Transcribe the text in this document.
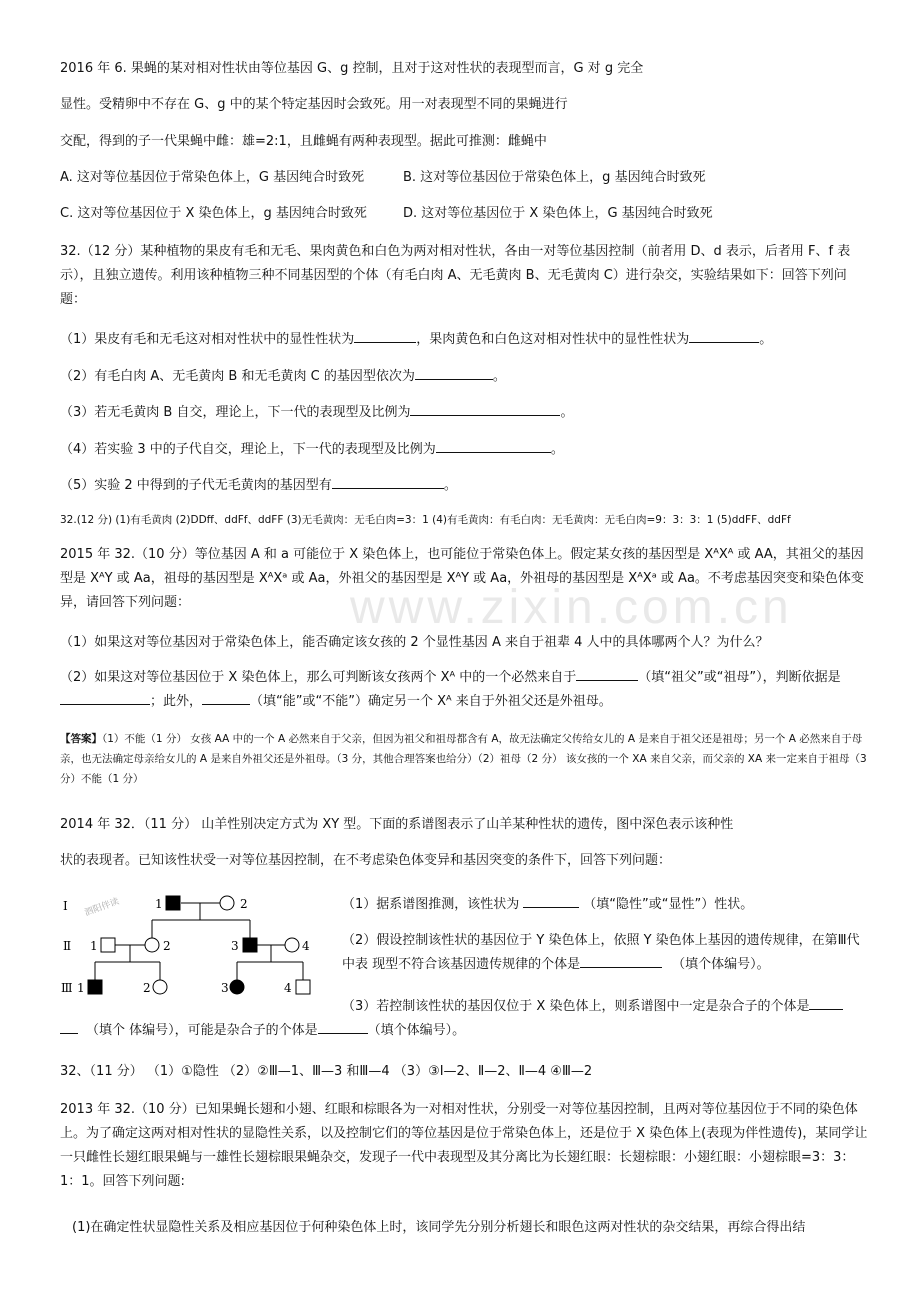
www.zixin.com.cn
2016 年 6. 果蝇的某对相对性状由等位基因 G、g 控制，且对于这对性状的表现型而言，G 对 g 完全
显性。受精卵中不存在 G、g 中的某个特定基因时会致死。用一对表现型不同的果蝇进行
交配，得到的子一代果蝇中雌：雄=2:1，且雌蝇有两种表现型。据此可推测：雌蝇中
A. 这对等位基因位于常染色体上，G 基因纯合时致死	B. 这对等位基因位于常染色体上，g 基因纯合时致死
C. 这对等位基因位于 X 染色体上，g 基因纯合时致死	D. 这对等位基因位于 X 染色体上，G 基因纯合时致死
32.（12 分）某种植物的果皮有毛和无毛、果肉黄色和白色为两对相对性状，各由一对等位基因控制（前者用 D、d 表示，后者用 F、f 表示），且独立遗传。利用该种植物三种不同基因型的个体（有毛白肉 A、无毛黄肉 B、无毛黄肉 C）进行杂交，实验结果如下：回答下列问题：
（1）果皮有毛和无毛这对相对性状中的显性性状为	，果肉黄色和白色这对相对性状中的显性性状为	。
（2）有毛白肉 A、无毛黄肉 B 和无毛黄肉 C 的基因型依次为	。
（3）若无毛黄肉 B 自交，理论上，下一代的表现型及比例为	。
（4）若实验 3 中的子代自交，理论上，下一代的表现型及比例为	。
（5）实验 2 中得到的子代无毛黄肉的基因型有	。
32.(12 分) (1)有毛黄肉 (2)DDff、ddFf、ddFF (3)无毛黄肉：无毛白肉=3：1 (4)有毛黄肉：有毛白肉：无毛黄肉：无毛白肉=9：3：3：1 (5)ddFF、ddFf
2015 年 32.（10 分）等位基因 A 和 a 可能位于 X 染色体上，也可能位于常染色体上。假定某女孩的基因型是 XᴬXᴬ 或 AA，其祖父的基因型是 XᴬY 或 Aa，祖母的基因型是 XᴬXᵃ 或 Aa，外祖父的基因型是 XᴬY 或 Aa，外祖母的基因型是 XᴬXᵃ 或 Aa。不考虑基因突变和染色体变异，请回答下列问题：
（1）如果这对等位基因对于常染色体上，能否确定该女孩的 2 个显性基因 A 来自于祖辈 4 人中的具体哪两个人？为什么？
（2）如果这对等位基因位于 X 染色体上，那么可判断该女孩两个 Xᴬ 中的一个必然来自于	（填“祖父”或“祖母”），判断依据是；此外，	（填“能”或“不能”）确定另一个 Xᴬ 来自于外祖父还是外祖母。
【答案】（1）不能（1 分） 女孩 AA 中的一个 A 必然来自于父亲，但因为祖父和祖母都含有 A，故无法确定父传给女儿的 A 是来自于祖父还是祖母；另一个 A 必然来自于母亲，也无法确定母亲给女儿的 A 是来自外祖父还是外祖母。（3 分，其他合理答案也给分）（2）祖母（2 分） 该女孩的一个 XA 来自父亲，而父亲的 XA 来一定来自于祖母（3 分）不能（1 分）
2014 年 32．（11 分） 山羊性别决定方式为 XY 型。下面的系谱图表示了山羊某种性状的遗传，图中深色表示该种性
状的表现者。已知该性状受一对等位基因控制，在不考虑染色体变异和基因突变的条件下，回答下列问题：
Ⅰ
Ⅱ
Ⅲ
泗阳伴读	1	2
1	2	3	4
1	2	3	4
（1）据系谱图推测，该性状为	（填“隐性”或“显性”）性状。
（2）假设控制该性状的基因位于 Y 染色体上，依照 Y 染色体上基因的遗传规律，在第Ⅲ代中表 现型不符合该基因遗传规律的个体是	（填个体编号）。
（3）若控制该性状的基因仅位于 X 染色体上，则系谱图中一定是杂合子的个体是
（填个 体编号），可能是杂合子的个体是	（填个体编号）。
32、（11 分） （1）①隐性 （2）②Ⅲ—1、Ⅲ—3 和Ⅲ—4 （3）③Ⅰ—2、Ⅱ—2、Ⅱ—4 ④Ⅲ—2
2013 年 32.（10 分）已知果蝇长翅和小翅、红眼和棕眼各为一对相对性状，分别受一对等位基因控制，且两对等位基因位于不同的染色体上。为了确定这两对相对性状的显隐性关系，以及控制它们的等位基因是位于常染色体上，还是位于 X 染色体上(表现为伴性遗传)，某同学让一只雌性长翅红眼果蝇与一雄性长翅棕眼果蝇杂交，发现子一代中表现型及其分离比为长翅红眼：长翅棕眼：小翅红眼：小翅棕眼=3：3：1：1。回答下列问题:
(1)在确定性状显隐性关系及相应基因位于何种染色体上时，该同学先分别分析翅长和眼色这两对性状的杂交结果，再综合得出结
